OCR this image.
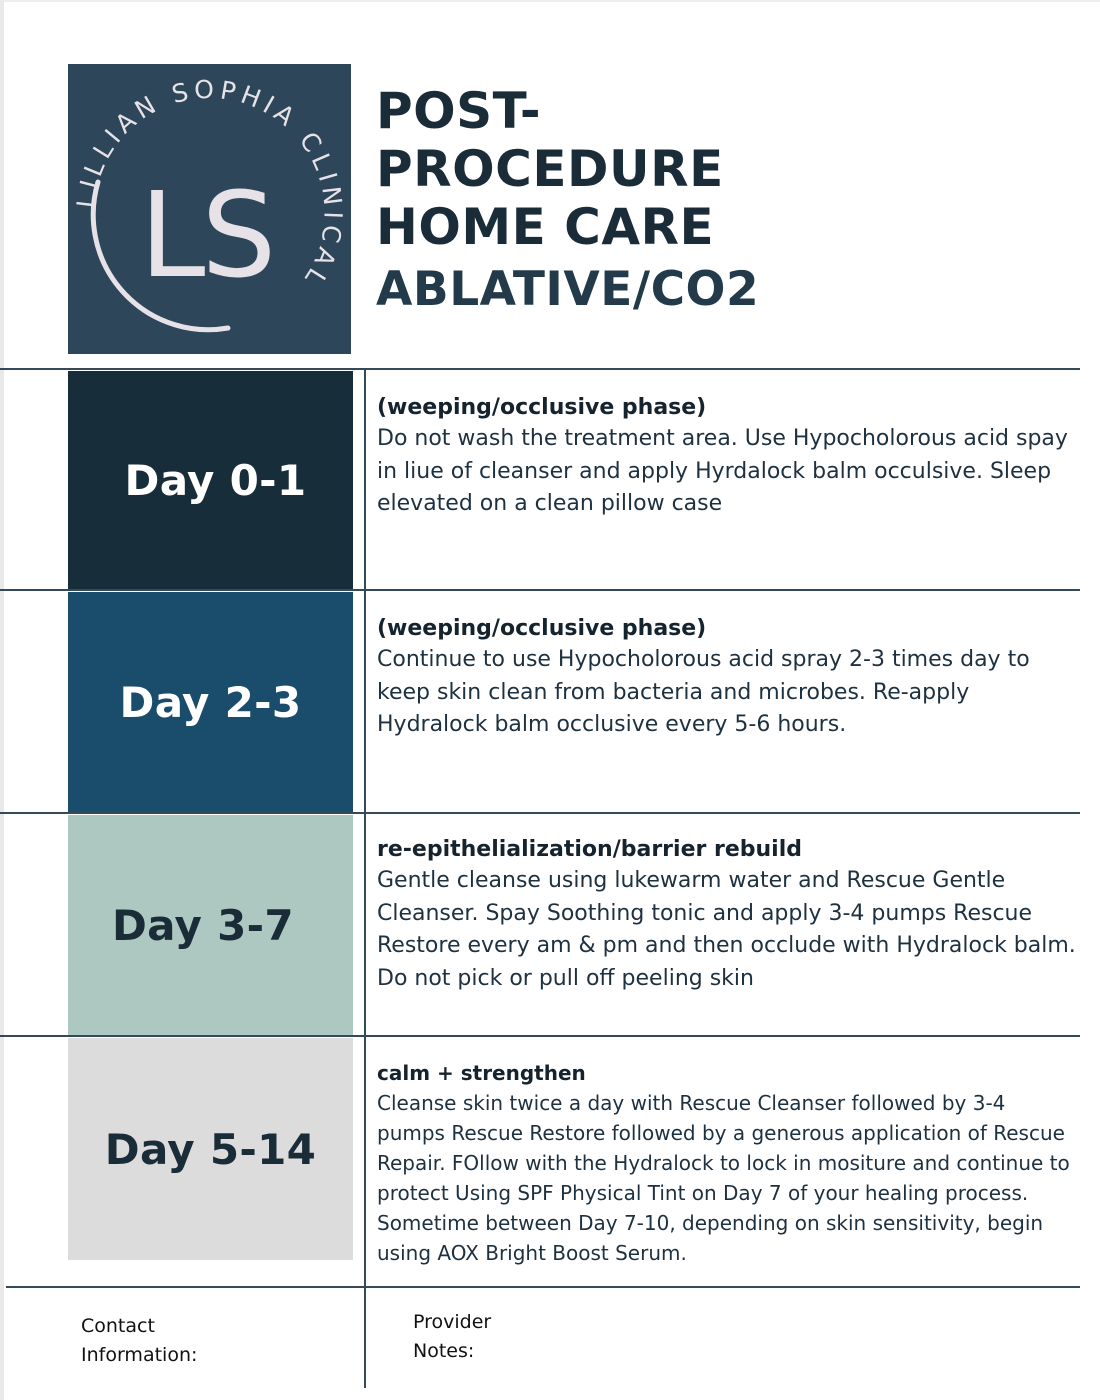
LILLIAN SOPHIA CLINICAL
LS
POST-
PROCEDURE
HOME CARE
ABLATIVE/CO2
Day 0-1
(weeping/occlusive phase)
Do not wash the treatment area. Use Hypocholorous acid spay in liue of cleanser and apply Hyrdalock balm occulsive. Sleep elevated on a clean pillow case
Day 2-3
(weeping/occlusive phase)
Continue to use Hypocholorous acid spray 2-3 times day to keep skin clean from bacteria and microbes. Re-apply Hydralock balm occlusive every 5-6 hours.
Day 3-7
re-epithelialization/barrier rebuild
Gentle cleanse using lukewarm water and Rescue Gentle Cleanser. Spay Soothing tonic and apply 3-4 pumps Rescue Restore every am & pm and then occlude with Hydralock balm. Do not pick or pull off peeling skin
Day 5-14
calm + strengthen
Cleanse skin twice a day with Rescue Cleanser followed by 3-4 pumps Rescue Restore followed by a generous application of Rescue Repair. FOllow with the Hydralock to lock in mositure and continue to protect Using SPF Physical Tint on Day 7 of your healing process. Sometime between Day 7-10, depending on skin sensitivity, begin using AOX Bright Boost Serum.
Contact Information:
Provider Notes:
